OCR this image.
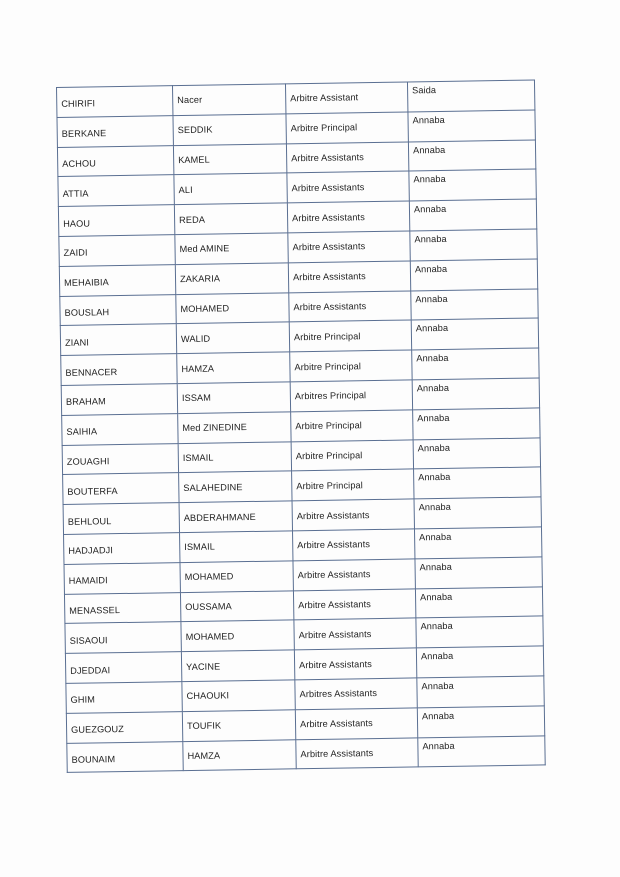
CHIRIFI	Nacer	Arbitre Assistant	Saida
BERKANE	SEDDIK	Arbitre Principal	Annaba
ACHOU	KAMEL	Arbitre Assistants	Annaba
ATTIA	ALI	Arbitre Assistants	Annaba
HAOU	REDA	Arbitre Assistants	Annaba
ZAIDI	Med AMINE	Arbitre Assistants	Annaba
MEHAIBIA	ZAKARIA	Arbitre Assistants	Annaba
BOUSLAH	MOHAMED	Arbitre Assistants	Annaba
ZIANI	WALID	Arbitre Principal	Annaba
BENNACER	HAMZA	Arbitre Principal	Annaba
BRAHAM	ISSAM	Arbitres Principal	Annaba
SAIHIA	Med ZINEDINE	Arbitre Principal	Annaba
ZOUAGHI	ISMAIL	Arbitre Principal	Annaba
BOUTERFA	SALAHEDINE	Arbitre Principal	Annaba
BEHLOUL	ABDERAHMANE	Arbitre Assistants	Annaba
HADJADJI	ISMAIL	Arbitre Assistants	Annaba
HAMAIDI	MOHAMED	Arbitre Assistants	Annaba
MENASSEL	OUSSAMA	Arbitre Assistants	Annaba
SISAOUI	MOHAMED	Arbitre Assistants	Annaba
DJEDDAI	YACINE	Arbitre Assistants	Annaba
GHIM	CHAOUKI	Arbitres Assistants	Annaba
GUEZGOUZ	TOUFIK	Arbitre Assistants	Annaba
BOUNAIM	HAMZA	Arbitre Assistants	Annaba
